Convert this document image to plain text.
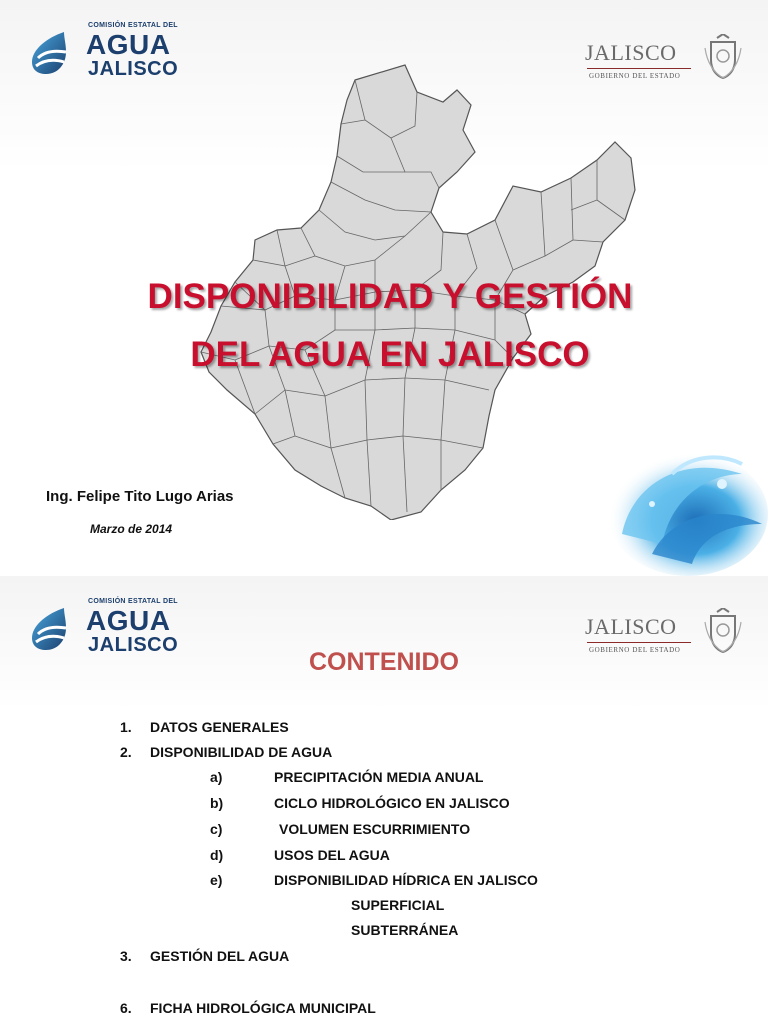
COMISIÓN ESTATAL DEL
AGUA
JALISCO
JALISCO
GOBIERNO DEL ESTADO
DISPONIBILIDAD Y GESTIÓN
DEL AGUA EN JALISCO
Ing. Felipe Tito Lugo Arias
Marzo de 2014
COMISIÓN ESTATAL DEL
AGUA
JALISCO
JALISCO
GOBIERNO DEL ESTADO
CONTENIDO
1. DATOS GENERALES
2. DISPONIBILIDAD DE AGUA
a)	PRECIPITACIÓN MEDIA ANUAL
b)	CICLO HIDROLÓGICO EN JALISCO
c)	VOLUMEN ESCURRIMIENTO
d)	USOS DEL AGUA
e)	DISPONIBILIDAD HÍDRICA EN JALISCO
SUPERFICIAL
SUBTERRÁNEA
3. GESTIÓN DEL AGUA
6. FICHA HIDROLÓGICA MUNICIPAL
